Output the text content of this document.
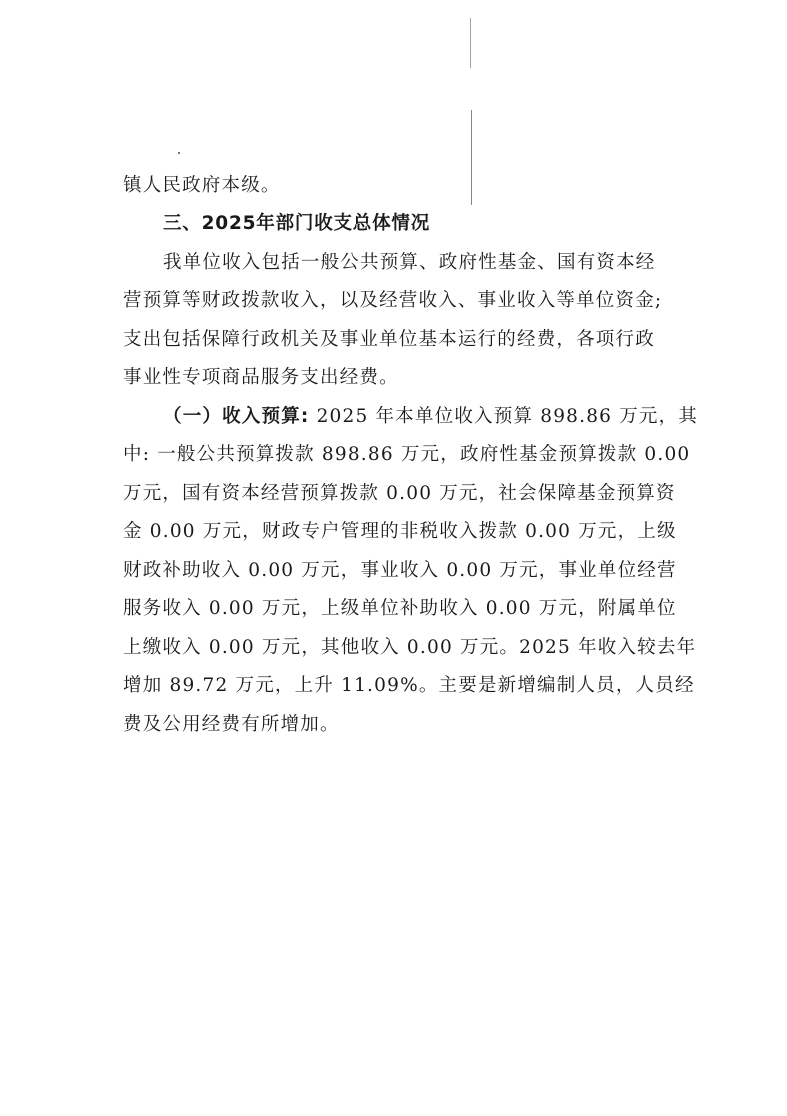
镇人民政府本级。
三、2025年部门收支总体情况
我单位收入包括一般公共预算、政府性基金、国有资本经
营预算等财政拨款收入，以及经营收入、事业收入等单位资金;
支出包括保障行政机关及事业单位基本运行的经费，各项行政
事业性专项商品服务支出经费。
（一）收入预算: 2025 年本单位收入预算 898.86 万元，其
中: 一般公共预算拨款 898.86 万元，政府性基金预算拨款 0.00
万元，国有资本经营预算拨款 0.00 万元，社会保障基金预算资
金 0.00 万元，财政专户管理的非税收入拨款 0.00 万元，上级
财政补助收入 0.00 万元，事业收入 0.00 万元，事业单位经营
服务收入 0.00 万元，上级单位补助收入 0.00 万元，附属单位
上缴收入 0.00 万元，其他收入 0.00 万元。2025 年收入较去年
增加 89.72 万元，上升 11.09%。主要是新增编制人员，人员经
费及公用经费有所增加。
